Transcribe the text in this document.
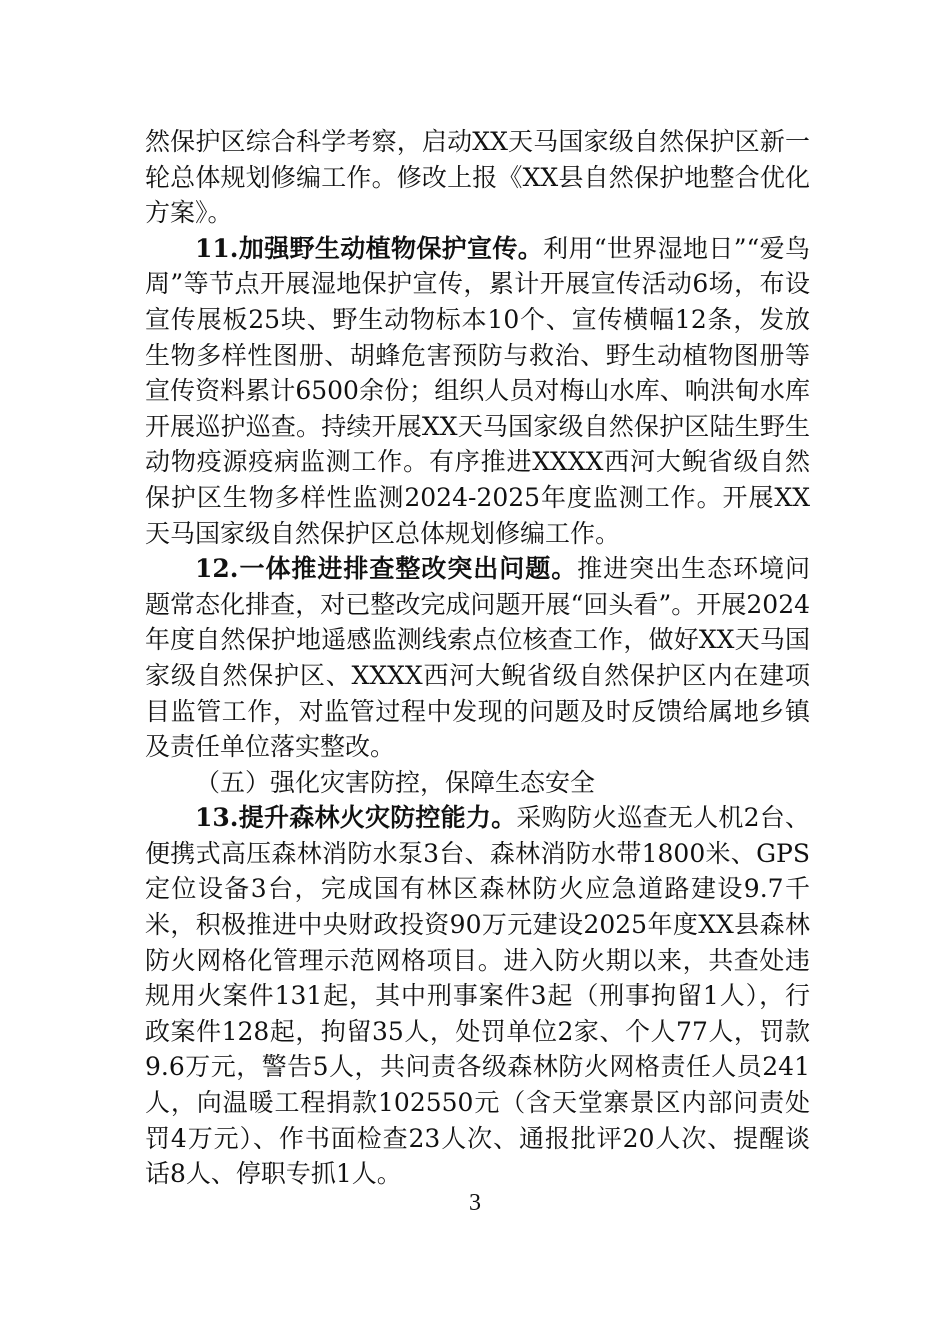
然保护区综合科学考察，启动XX天马国家级自然保护区新一轮总体规划修编工作。修改上报《XX县自然保护地整合优化方案》。

11.加强野生动植物保护宣传。利用“世界湿地日”“爱鸟周”等节点开展湿地保护宣传，累计开展宣传活动6场，布设宣传展板25块、野生动物标本10个、宣传横幅12条，发放生物多样性图册、胡蜂危害预防与救治、野生动植物图册等宣传资料累计6500余份；组织人员对梅山水库、响洪甸水库开展巡护巡查。持续开展XX天马国家级自然保护区陆生野生动物疫源疫病监测工作。有序推进XXXX西河大鲵省级自然保护区生物多样性监测2024-2025年度监测工作。开展XX天马国家级自然保护区总体规划修编工作。

12.一体推进排查整改突出问题。推进突出生态环境问题常态化排查，对已整改完成问题开展“回头看”。开展2024年度自然保护地遥感监测线索点位核查工作，做好XX天马国家级自然保护区、XXXX西河大鲵省级自然保护区内在建项目监管工作，对监管过程中发现的问题及时反馈给属地乡镇及责任单位落实整改。

（五）强化灾害防控，保障生态安全

13.提升森林火灾防控能力。采购防火巡查无人机2台、便携式高压森林消防水泵3台、森林消防水带1800米、GPS定位设备3台，完成国有林区森林防火应急道路建设9.7千米，积极推进中央财政投资90万元建设2025年度XX县森林防火网格化管理示范网格项目。进入防火期以来，共查处违规用火案件131起，其中刑事案件3起（刑事拘留1人），行政案件128起，拘留35人，处罚单位2家、个人77人，罚款9.6万元，警告5人，共问责各级森林防火网格责任人员241人，向温暖工程捐款102550元（含天堂寨景区内部问责处罚4万元）、作书面检查23人次、通报批评20人次、提醒谈话8人、停职专抓1人。

3
